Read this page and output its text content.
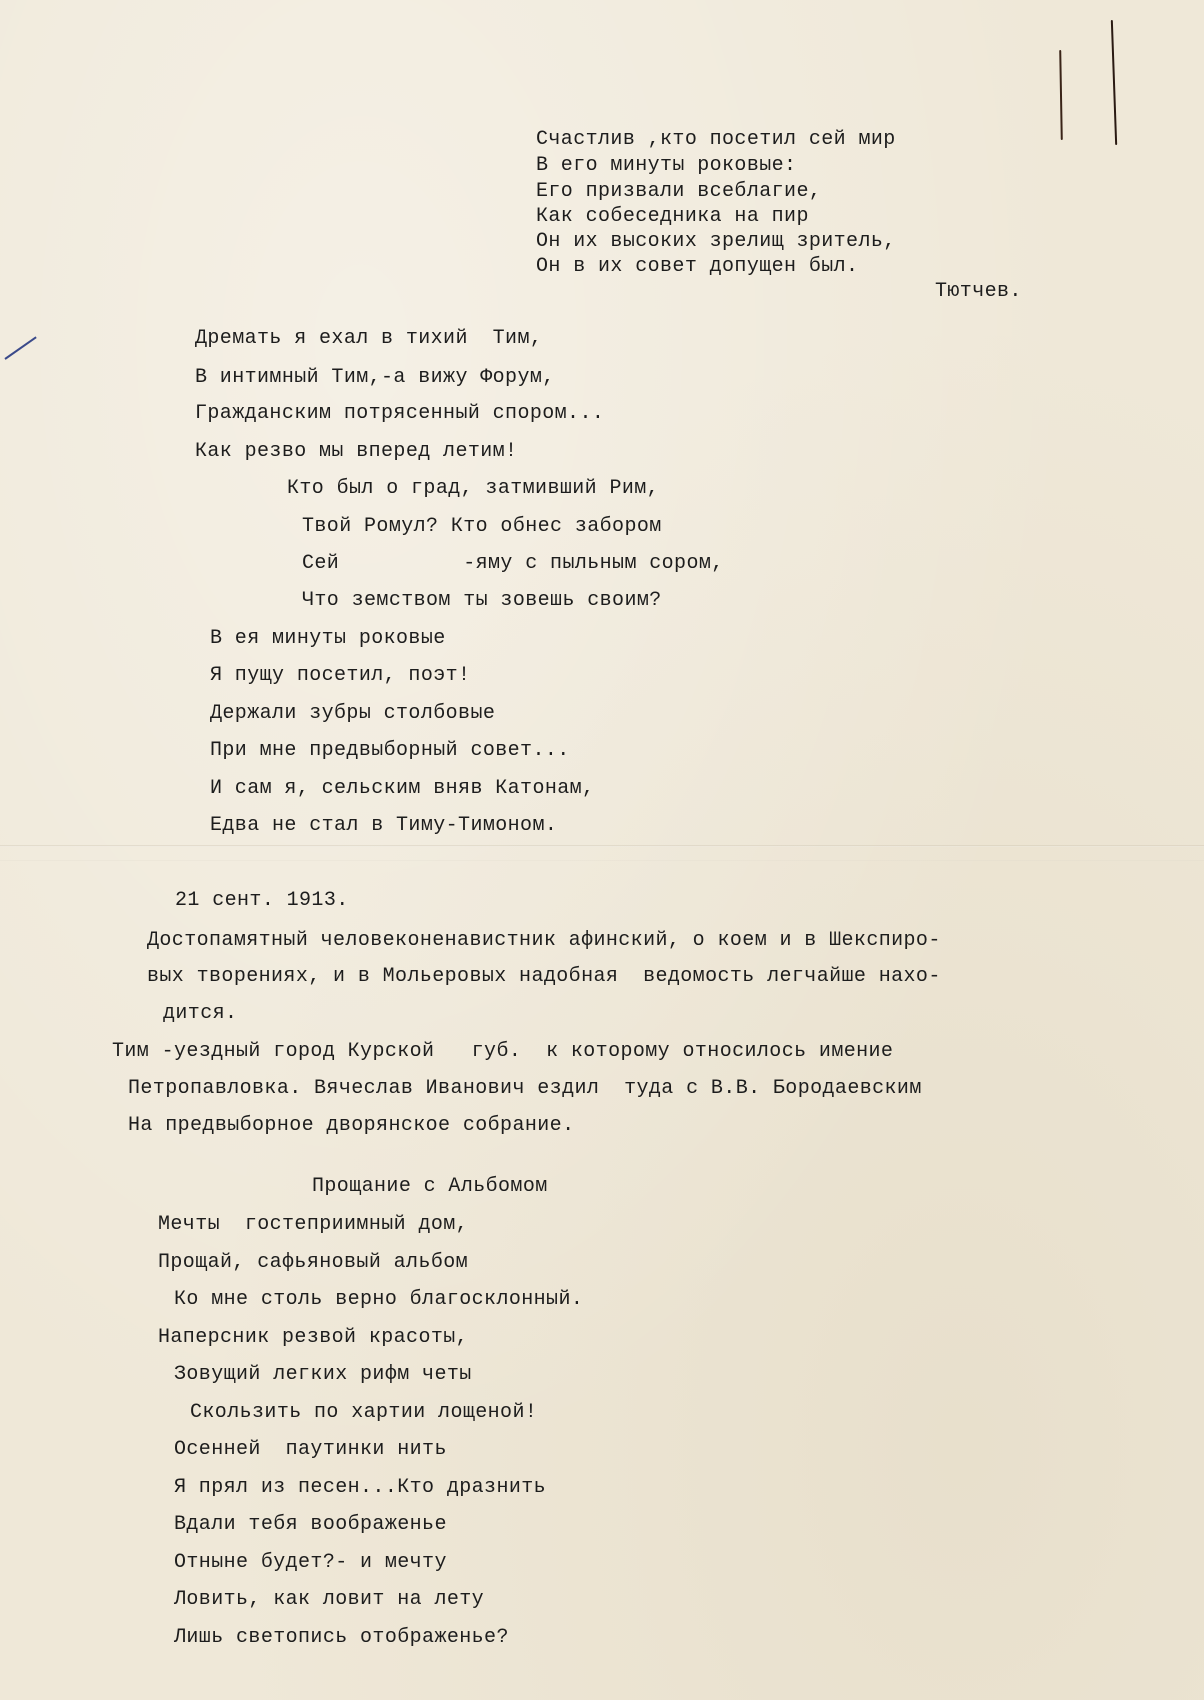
Счастлив ,кто посетил сей мир

В его минуты роковые:

Его призвали всеблагие,

Как собеседника на пир

Он их высоких зрелищ зритель,

Он в их совет допущен был.

Тютчев.

Дремать я ехал в тихий  Тим,

В интимный Тим,-а вижу Форум,

Гражданским потрясенный спором...

Как резво мы вперед летим!

Кто был о град, затмивший Рим,

Твой Ромул? Кто обнес забором

Сей          -яму с пыльным сором,

Что земством ты зовешь своим?

В ея минуты роковые

Я пущу посетил, поэт!

Держали зубры столбовые

При мне предвыборный совет...

И сам я, сельским вняв Катонам,

Едва не стал в Тиму-Тимоном.

21 сент. 1913.

Достопамятный человеконенавистник афинский, о коем и в Шекспиро-

вых творениях, и в Мольеровых надобная  ведомость легчайше нахо-

дится.

Тим -уездный город Курской   губ.  к которому относилось имение

Петропавловка. Вячеслав Иванович ездил  туда с В.В. Бородаевским

На предвыборное дворянское собрание.

Прощание с Альбомом

Мечты  гостеприимный дом,

Прощай, сафьяновый альбом

Ко мне столь верно благосклонный.

Наперсник резвой красоты,

Зовущий легких рифм четы

Скользить по хартии лощеной!

Осенней  паутинки нить

Я прял из песен...Кто дразнить

Вдали тебя воображенье

Отныне будет?- и мечту

Ловить, как ловит на лету

Лишь светопись отображенье?
